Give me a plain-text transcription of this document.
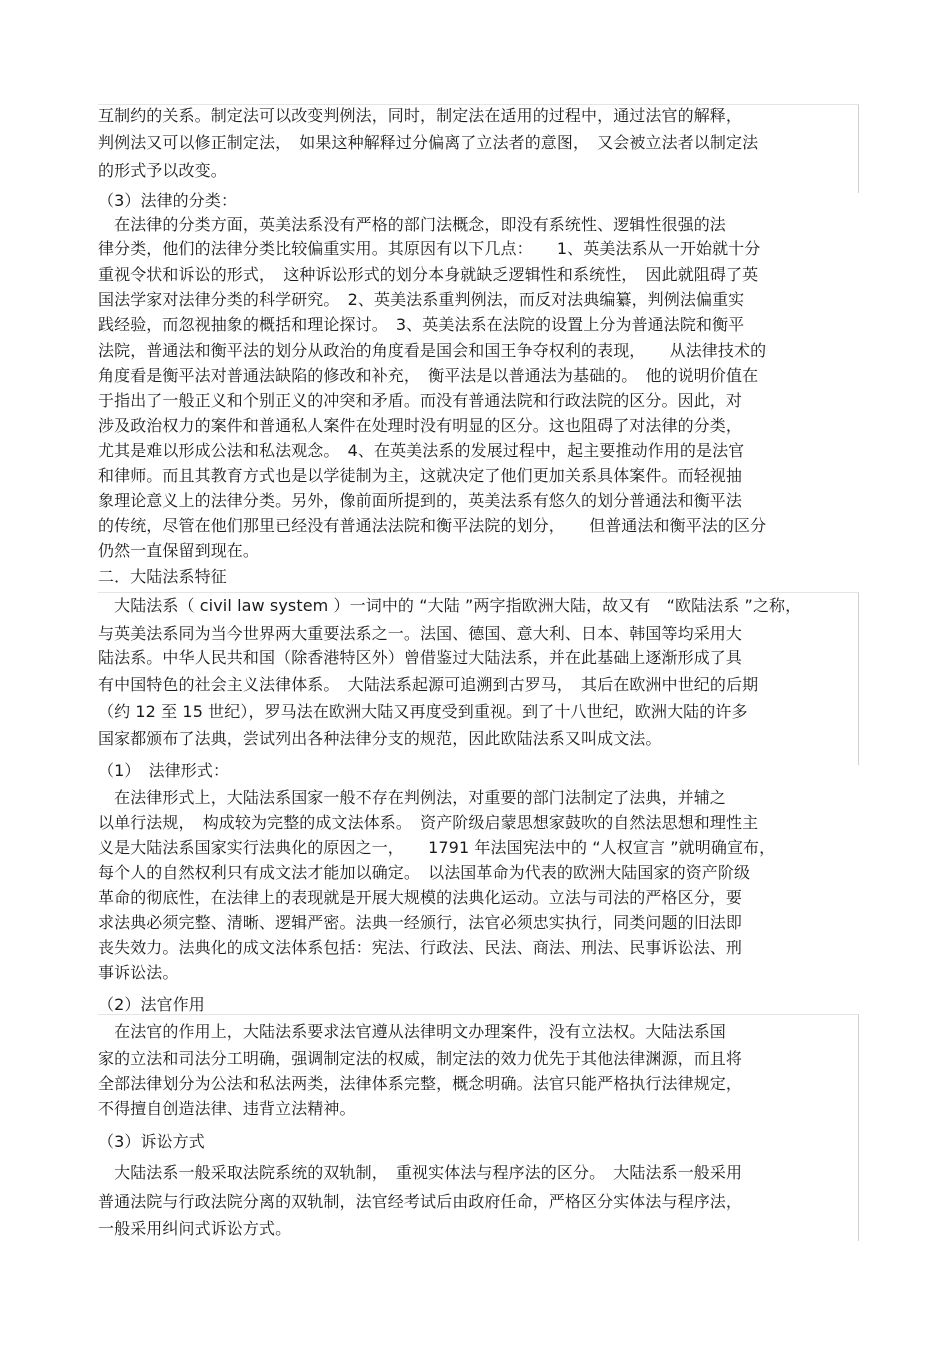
互制约的关系。制定法可以改变判例法，同时，制定法在适用的过程中，通过法官的解释，
判例法又可以修正制定法，　如果这种解释过分偏离了立法者的意图，　又会被立法者以制定法
的形式予以改变。
（3）法律的分类：
　在法律的分类方面，英美法系没有严格的部门法概念，即没有系统性、逻辑性很强的法
律分类，他们的法律分类比较偏重实用。其原因有以下几点：　　1、英美法系从一开始就十分
重视令状和诉讼的形式，　这种诉讼形式的划分本身就缺乏逻辑性和系统性，　因此就阻碍了英
国法学家对法律分类的科学研究。　2、英美法系重判例法，而反对法典编纂，判例法偏重实
践经验，而忽视抽象的概括和理论探讨。　3、英美法系在法院的设置上分为普通法院和衡平
法院，普通法和衡平法的划分从政治的角度看是国会和国王争夺权利的表现，　　从法律技术的
角度看是衡平法对普通法缺陷的修改和补充，　衡平法是以普通法为基础的。　他的说明价值在
于指出了一般正义和个别正义的冲突和矛盾。而没有普通法院和行政法院的区分。因此，对
涉及政治权力的案件和普通私人案件在处理时没有明显的区分。这也阻碍了对法律的分类，
尤其是难以形成公法和私法观念。　4、在英美法系的发展过程中，起主要推动作用的是法官
和律师。而且其教育方式也是以学徒制为主，这就决定了他们更加关系具体案件。而轻视抽
象理论意义上的法律分类。另外，像前面所提到的，英美法系有悠久的划分普通法和衡平法
的传统，尽管在他们那里已经没有普通法法院和衡平法院的划分，　　但普通法和衡平法的区分
仍然一直保留到现在。
二．大陆法系特征
　大陆法系（ civil law system ）一词中的 “大陆 ”两字指欧洲大陆，故又有　“欧陆法系 ”之称，
与英美法系同为当今世界两大重要法系之一。法国、德国、意大利、日本、韩国等均采用大
陆法系。中华人民共和国（除香港特区外）曾借鉴过大陆法系，并在此基础上逐渐形成了具
有中国特色的社会主义法律体系。　大陆法系起源可追溯到古罗马，　其后在欧洲中世纪的后期
（约 12 至 15 世纪），罗马法在欧洲大陆又再度受到重视。到了十八世纪，欧洲大陆的许多
国家都颁布了法典，尝试列出各种法律分支的规范，因此欧陆法系又叫成文法。
（1）　法律形式：
　在法律形式上，大陆法系国家一般不存在判例法，对重要的部门法制定了法典，并辅之
以单行法规，　构成较为完整的成文法体系。　资产阶级启蒙思想家鼓吹的自然法思想和理性主
义是大陆法系国家实行法典化的原因之一，　　1791 年法国宪法中的 “人权宣言 ”就明确宣布，
每个人的自然权利只有成文法才能加以确定。　以法国革命为代表的欧洲大陆国家的资产阶级
革命的彻底性，在法律上的表现就是开展大规模的法典化运动。立法与司法的严格区分，要
求法典必须完整、清晰、逻辑严密。法典一经颁行，法官必须忠实执行，同类问题的旧法即
丧失效力。法典化的成文法体系包括：宪法、行政法、民法、商法、刑法、民事诉讼法、刑
事诉讼法。
（2）法官作用
　在法官的作用上，大陆法系要求法官遵从法律明文办理案件，没有立法权。大陆法系国
家的立法和司法分工明确，强调制定法的权威，制定法的效力优先于其他法律渊源，而且将
全部法律划分为公法和私法两类，法律体系完整，概念明确。法官只能严格执行法律规定，
不得擅自创造法律、违背立法精神。
（3）诉讼方式
　大陆法系一般采取法院系统的双轨制，　重视实体法与程序法的区分。　大陆法系一般采用
普通法院与行政法院分离的双轨制，法官经考试后由政府任命，严格区分实体法与程序法，
一般采用纠问式诉讼方式。
